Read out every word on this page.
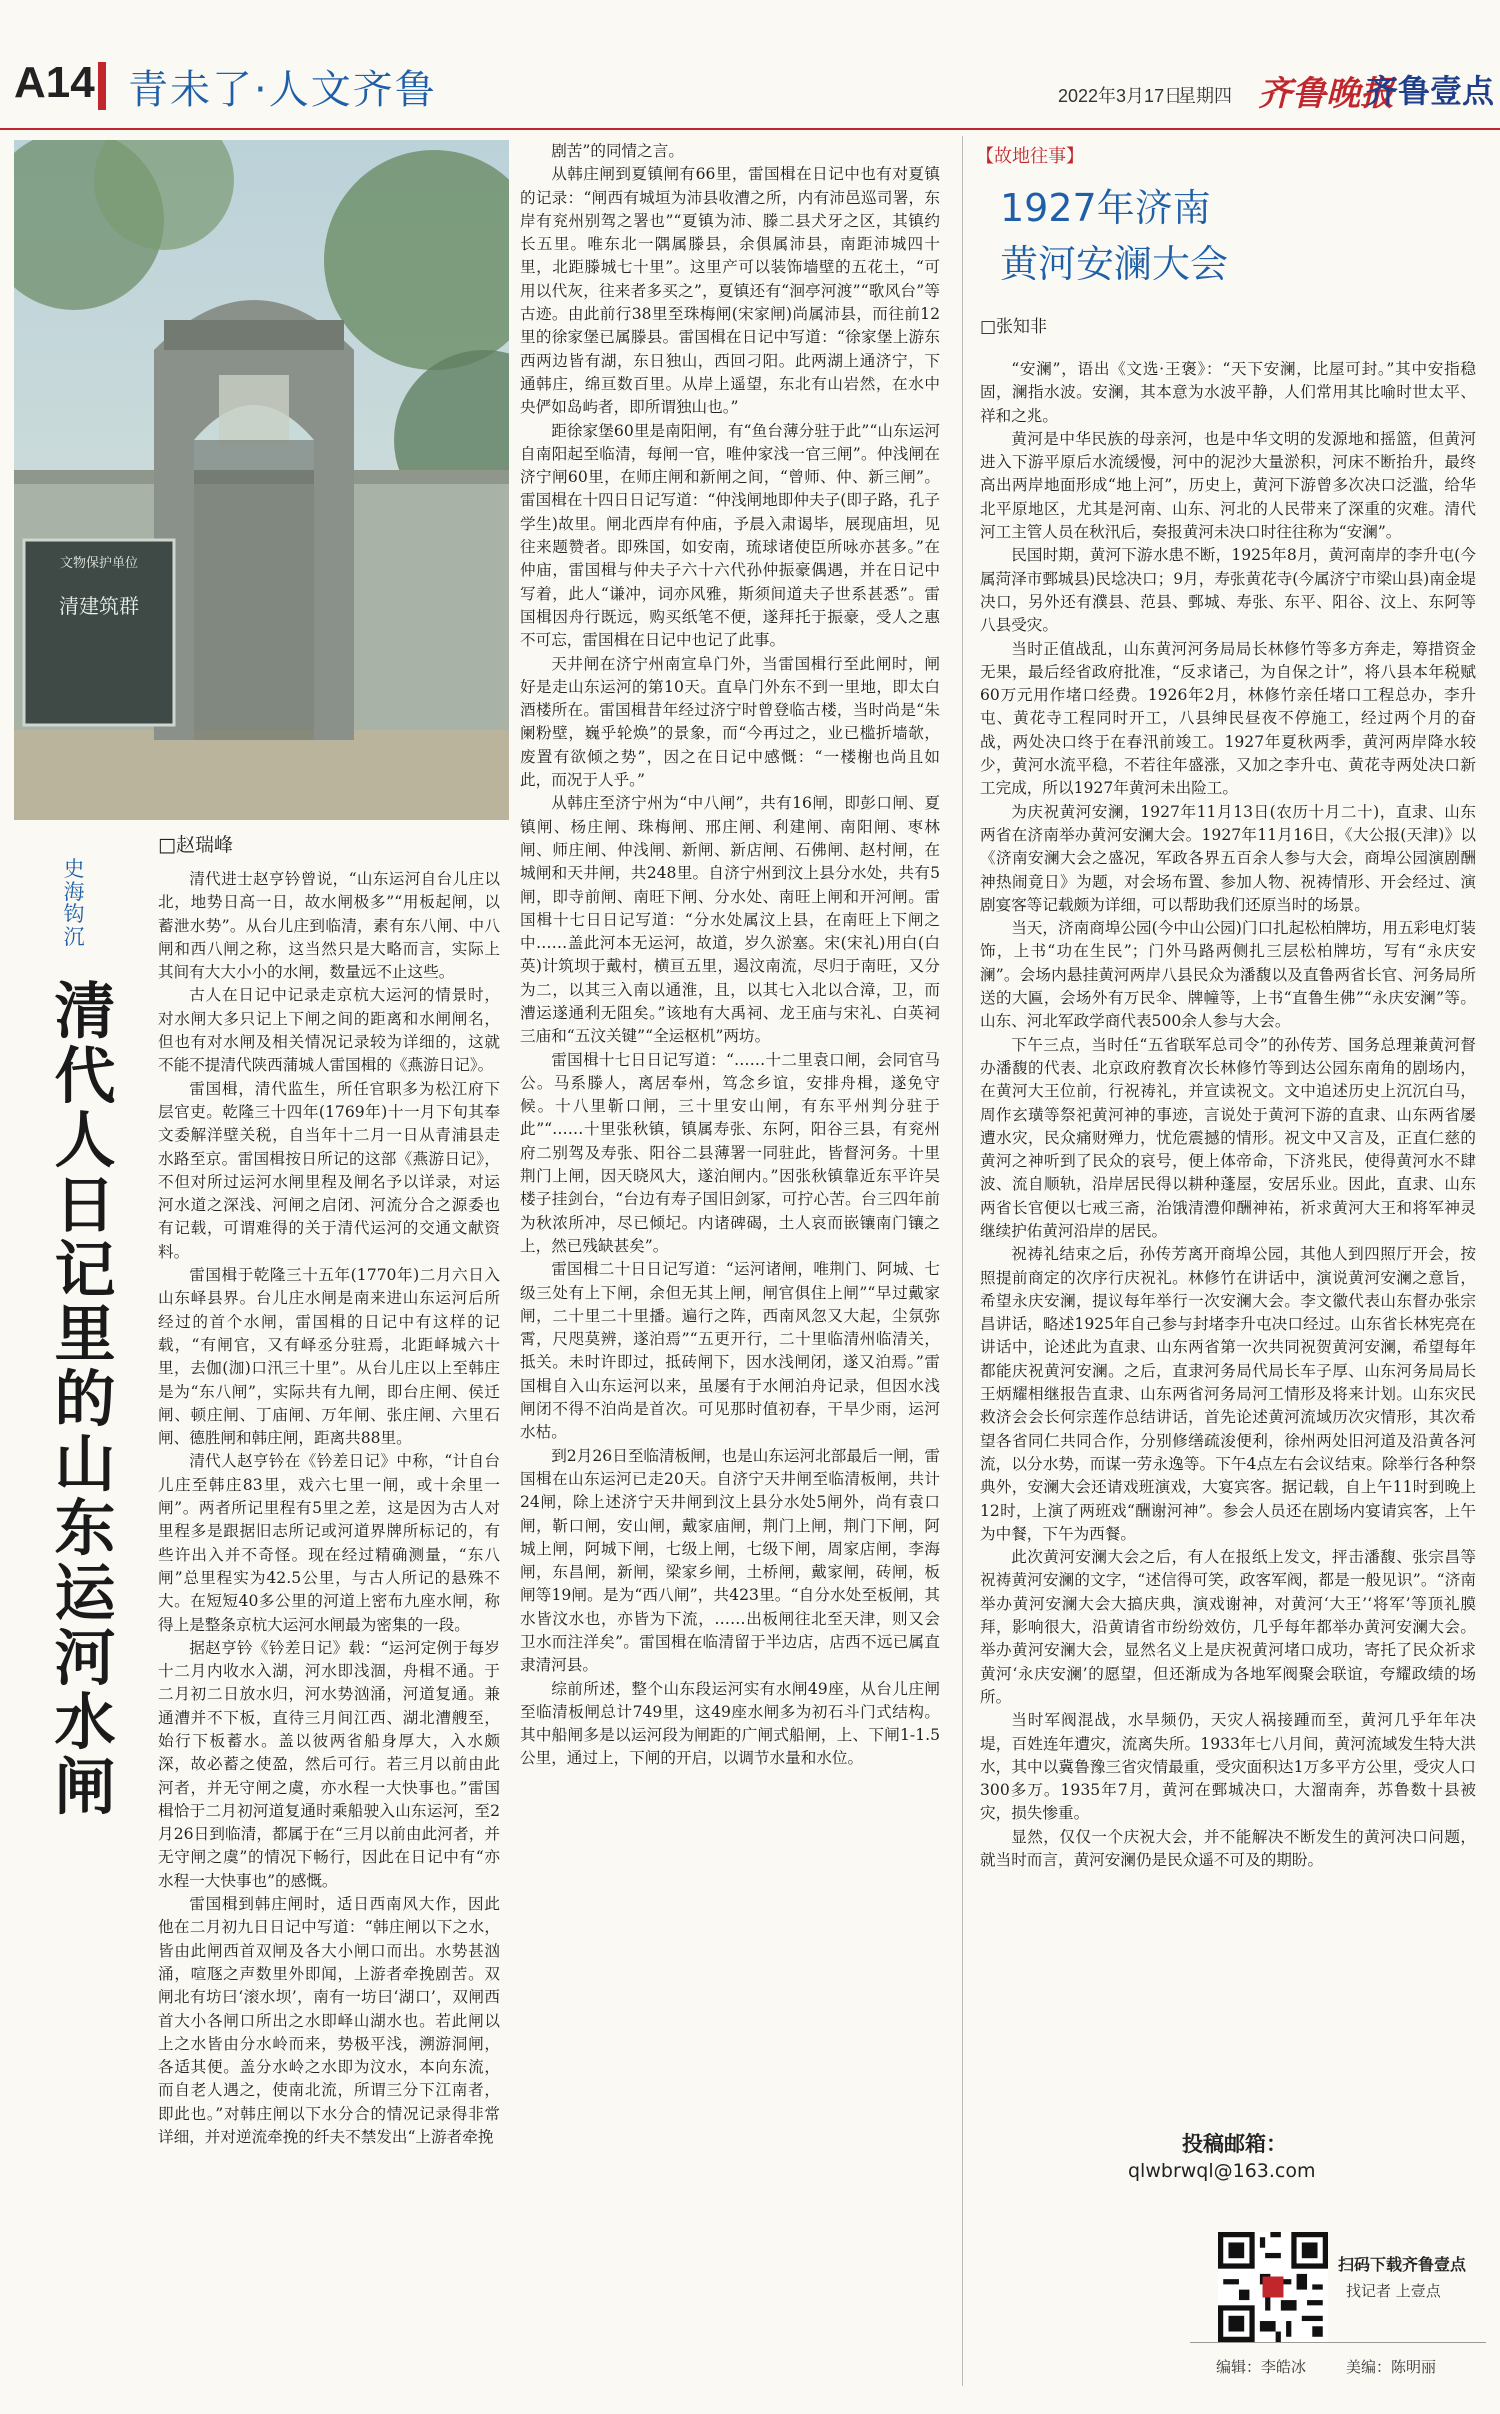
A14 青未了·人文齐鲁	2022年3月17日
星期四 齐鲁晚报
齐鲁壹点
文物保护单位
清建筑群
史海钩沉
清代人日记里的山东运河水闸
□赵瑞峰

清代进士赵亨钤曾说，“山东运河自台儿庄以北，地势日高一日，故水闸极多”“用板起闸，以蓄泄水势”。从台儿庄到临清，素有东八闸、中八闸和西八闸之称，这当然只是大略而言，实际上其间有大大小小的水闸，数量远不止这些。

古人在日记中记录走京杭大运河的情景时，对水闸大多只记上下闸之间的距离和水闸闸名，但也有对水闸及相关情况记录较为详细的，这就不能不提清代陕西蒲城人雷国楫的《燕游日记》。

雷国楫，清代监生，所任官职多为松江府下层官吏。乾隆三十四年(1769年)十一月下旬其奉文委解洋壁关税，自当年十二月一日从青浦县走水路至京。雷国楫按日所记的这部《燕游日记》，不但对所过运河水闸里程及闸名予以详录，对运河水道之深浅、河闸之启闭、河流分合之源委也有记载，可谓难得的关于清代运河的交通文献资料。

雷国楫于乾隆三十五年(1770年)二月六日入山东峄县界。台儿庄水闸是南来进山东运河后所经过的首个水闸，雷国楫的日记中有这样的记载，“有闸官，又有峄丞分驻焉，北距峄城六十里，去伽(泇)口汛三十里”。从台儿庄以上至韩庄是为“东八闸”，实际共有九闸，即台庄闸、侯迁闸、顿庄闸、丁庙闸、万年闸、张庄闸、六里石闸、德胜闸和韩庄闸，距离共88里。

清代人赵亨钤在《钤差日记》中称，“计自台儿庄至韩庄83里，戏六七里一闸，或十余里一闸”。两者所记里程有5里之差，这是因为古人对里程多是跟据旧志所记或河道界牌所标记的，有些许出入并不奇怪。现在经过精确测量，“东八闸”总里程实为42.5公里，与古人所记的悬殊不大。在短短40多公里的河道上密布九座水闸，称得上是整条京杭大运河水闸最为密集的一段。

据赵亨钤《钤差日记》载：“运河定例于每岁十二月内收水入湖，河水即浅涸，舟楫不通。于二月初二日放水归，河水势汹涌，河道复通。兼通漕并不下板，直待三月间江西、湖北漕艘至，始行下板蓄水。盖以彼两省船身厚大，入水颇深，故必蓄之使盈，然后可行。若三月以前由此河者，并无守闸之虞，亦水程一大快事也。”雷国楫恰于二月初河道复通时乘船驶入山东运河，至2月26日到临清，都属于在“三月以前由此河者，并无守闸之虞”的情况下畅行，因此在日记中有“亦水程一大快事也”的感慨。

雷国楫到韩庄闸时，适日西南风大作，因此他在二月初九日日记中写道：“韩庄闸以下之水，皆由此闸西首双闸及各大小闸口而出。水势甚汹涌，喧豗之声数里外即闻，上游者牵挽剧苦。双闸北有坊曰‘滚水坝’，南有一坊曰‘湖口’，双闸西首大小各闸口所出之水即峄山湖水也。若此闸以上之水皆由分水岭而来，势极平浅，溯游洞闸，各适其便。盖分水岭之水即为汶水，本向东流，而自老人遇之，使南北流，所谓三分下江南者，即此也。”对韩庄闸以下水分合的情况记录得非常详细，并对逆流牵挽的纤夫不禁发出“上游者牵挽

剧苦”的同情之言。

从韩庄闸到夏镇闸有66里，雷国楫在日记中也有对夏镇的记录：“闸西有城垣为沛县收漕之所，内有沛邑巡司署，东岸有兖州别驾之署也”“夏镇为沛、滕二县犬牙之区，其镇约长五里。唯东北一隅属滕县，余俱属沛县，南距沛城四十里，北距滕城七十里”。这里产可以装饰墙壁的五花土，“可用以代灰，往来者多买之”，夏镇还有“洄亭河渡”“歌风台”等古迹。由此前行38里至珠梅闸(宋家闸)尚属沛县，而往前12里的徐家堡已属滕县。雷国楫在日记中写道：“徐家堡上游东西两边皆有湖，东日独山，西回刁阳。此两湖上通济宁，下通韩庄，绵亘数百里。从岸上遥望，东北有山岩然，在水中央俨如岛屿者，即所谓独山也。”

距徐家堡60里是南阳闸，有“鱼台薄分驻于此”“山东运河自南阳起至临清，每闸一官，唯仲家浅一官三闸”。仲浅闸在济宁闸60里，在师庄闸和新闸之间，“曾师、仲、新三闸”。雷国楫在十四日日记写道：“仲浅闸地即仲夫子(即子路，孔子学生)故里。闸北西岸有仲庙，予晨入肃谒毕，展现庙坦，见往来题赞者。即殊国，如安南，琉球诸使臣所咏亦甚多。”在仲庙，雷国楫与仲夫子六十六代孙仲振豪偶遇，并在日记中写着，此人“谦冲，词亦风雅，斯须间道夫子世系甚悉”。雷国楫因舟行既远，购买纸笔不便，遂拜托于振豪，受人之惠不可忘，雷国楫在日记中也记了此事。

天井闸在济宁州南宣阜门外，当雷国楫行至此闸时，闸好是走山东运河的第10天。直阜门外东不到一里地，即太白酒楼所在。雷国楫昔年经过济宁时曾登临古楼，当时尚是“朱阑粉壁，巍乎轮焕”的景象，而“今再过之，业已槛折墙欹，废置有欲倾之势”，因之在日记中感慨：“一楼榭也尚且如此，而况于人乎。”

从韩庄至济宁州为“中八闸”，共有16闸，即彭口闸、夏镇闸、杨庄闸、珠梅闸、邢庄闸、利建闸、南阳闸、枣林闸、师庄闸、仲浅闸、新闸、新店闸、石佛闸、赵村闸，在城闸和天井闸，共248里。自济宁州到汶上县分水处，共有5闸，即寺前闸、南旺下闸、分水处、南旺上闸和开河闸。雷国楫十七日日记写道：“分水处属汶上县，在南旺上下闸之中……盖此河本无运河，故道，岁久淤塞。宋(宋礼)用白(白英)计筑坝于戴村，横亘五里，遏汶南流，尽归于南旺，又分为二，以其三入南以通淮，且，以其七入北以合漳，卫，而漕运遂通利无阻矣。”该地有大禹祠、龙王庙与宋礼、白英祠三庙和“五汶关键”“全运枢机”两坊。

雷国楫十七日日记写道：“……十二里袁口闸，会同官马公。马系滕人，离居奉州，笃念乡谊，安排舟楫，遂免守候。十八里靳口闸，三十里安山闸，有东平州判分驻于此”“……十里张秋镇，镇属寿张、东阿，阳谷三县，有兖州府二别驾及寿张、阳谷二县薄署一同驻此，皆督河务。十里荆门上闸，因天晓风大，遂泊闸内。”因张秋镇靠近东平许吴楼子挂剑台，“台边有寿子国旧剑冢，可拧心苦。台三四年前为秋浓所冲，尽已倾圮。内诸碑碣，土人哀而嵌镶南门镶之上，然已残缺甚矣”。

雷国楫二十日日记写道：“运河诸闸，唯荆门、阿城、七级三处有上下闸，余但无其上闸，闸官俱住上闸”“早过戴家闸，二十里二十里播。遍行之阵，西南风忽又大起，尘氛弥霄，尺咫莫辨，遂泊焉”“五更开行，二十里临清州临清关，抵关。未时许即过，抵砖闸下，因水浅闸闭，遂又泊焉。”雷国楫自入山东运河以来，虽屡有于水闸泊舟记录，但因水浅闸闭不得不泊尚是首次。可见那时值初春，干旱少雨，运河水枯。

到2月26日至临清板闸，也是山东运河北部最后一闸，雷国楫在山东运河已走20天。自济宁天井闸至临清板闸，共计24闸，除上述济宁天井闸到汶上县分水处5闸外，尚有袁口闸，靳口闸，安山闸，戴家庙闸，荆门上闸，荆门下闸，阿城上闸，阿城下闸，七级上闸，七级下闸，周家店闸，李海闸，东昌闸，新闸，梁家乡闸，土桥闸，戴家闸，砖闸，板闸等19闸。是为“西八闸”，共423里。“自分水处至板闸，其水皆汶水也，亦皆为下流，……出板闸往北至天津，则又会卫水而注洋矣”。雷国楫在临清留于半边店，店西不远已属直隶清河县。

综前所述，整个山东段运河实有水闸49座，从台儿庄闸至临清板闸总计749里，这49座水闸多为初石斗门式结构。其中船闸多是以运河段为闸距的广闸式船闸，上、下闸1-1.5公里，通过上，下闸的开启，以调节水量和水位。

【故地往事】
1927年济南
黄河安澜大会
□张知非

“安澜”，语出《文选·王褒》：“天下安澜，比屋可封。”其中安指稳固，澜指水波。安澜，其本意为水波平静，人们常用其比喻时世太平、祥和之兆。

黄河是中华民族的母亲河，也是中华文明的发源地和摇篮，但黄河进入下游平原后水流缓慢，河中的泥沙大量淤积，河床不断抬升，最终高出两岸地面形成“地上河”，历史上，黄河下游曾多次决口泛滥，给华北平原地区，尤其是河南、山东、河北的人民带来了深重的灾难。清代河工主管人员在秋汛后，奏报黄河未决口时往往称为“安澜”。

民国时期，黄河下游水患不断，1925年8月，黄河南岸的李升屯(今属菏泽市鄄城县)民埝决口；9月，寿张黄花寺(今属济宁市梁山县)南金堤决口，另外还有濮县、范县、鄄城、寿张、东平、阳谷、汶上、东阿等八县受灾。

当时正值战乱，山东黄河河务局局长林修竹等多方奔走，筹措资金无果，最后经省政府批准，“反求诸己，为自保之计”，将八县本年税赋60万元用作堵口经费。1926年2月，林修竹亲任堵口工程总办，李升屯、黄花寺工程同时开工，八县绅民昼夜不停施工，经过两个月的奋战，两处决口终于在春汛前竣工。1927年夏秋两季，黄河两岸降水较少，黄河水流平稳，不若往年盛涨，又加之李升屯、黄花寺两处决口新工完成，所以1927年黄河未出险工。

为庆祝黄河安澜，1927年11月13日(农历十月二十)，直隶、山东两省在济南举办黄河安澜大会。1927年11月16日，《大公报(天津)》以《济南安澜大会之盛况，军政各界五百余人参与大会，商埠公园演剧酬神热闹竟日》为题，对会场布置、参加人物、祝祷情形、开会经过、演剧宴客等记载颇为详细，可以帮助我们还原当时的场景。

当天，济南商埠公园(今中山公园)门口扎起松柏牌坊，用五彩电灯装饰，上书“功在生民”；门外马路两侧扎三层松柏牌坊，写有“永庆安澜”。会场内悬挂黄河两岸八县民众为潘馥以及直鲁两省长官、河务局所送的大匾，会场外有万民伞、牌幢等，上书“直鲁生佛”“永庆安澜”等。山东、河北军政学商代表500余人参与大会。

下午三点，当时任“五省联军总司令”的孙传芳、国务总理兼黄河督办潘馥的代表、北京政府教育次长林修竹等到达公园东南角的剧场内，在黄河大王位前，行祝祷礼，并宣读祝文。文中追述历史上沉沉白马，周作玄璜等祭祀黄河神的事迹，言说处于黄河下游的直隶、山东两省屡遭水灾，民众痛财殚力，忧危震撼的情形。祝文中又言及，正直仁慈的黄河之神听到了民众的哀号，便上体帝命，下济兆民，使得黄河水不肆波、流自顺轨，沿岸居民得以耕种蓬屋，安居乐业。因此，直隶、山东两省长官便以七戒三斋，治饿清澧仰酬神祐，祈求黄河大王和将军神灵继续护佑黄河沿岸的居民。

祝祷礼结束之后，孙传芳离开商埠公园，其他人到四照厅开会，按照提前商定的次序行庆祝礼。林修竹在讲话中，演说黄河安澜之意旨，希望永庆安澜，提议每年举行一次安澜大会。李文徽代表山东督办张宗昌讲话，略述1925年自己参与封堵李升屯决口经过。山东省长林宪亮在讲话中，论述此为直隶、山东两省第一次共同祝贺黄河安澜，希望每年都能庆祝黄河安澜。之后，直隶河务局代局长车子厚、山东河务局局长王炳耀相继报告直隶、山东两省河务局河工情形及将来计划。山东灾民救济会会长何宗莲作总结讲话，首先论述黄河流域历次灾情形，其次希望各省同仁共同合作，分别修缮疏浚便利，徐州两处旧河道及沿黄各河流，以分水势，而谋一劳永逸等。下午4点左右会议结束。除举行各种祭典外，安澜大会还请戏班演戏，大宴宾客。据记载，自上午11时到晚上12时，上演了两班戏“酬谢河神”。参会人员还在剧场内宴请宾客，上午为中餐，下午为西餐。

此次黄河安澜大会之后，有人在报纸上发文，抨击潘馥、张宗昌等祝祷黄河安澜的文字，“述信得可笑，政客军阀，都是一般见识”。“济南举办黄河安澜大会大搞庆典，演戏谢神，对黄河‘大王’‘将军’等顶礼膜拜，影响很大，沿黄请省市纷纷效仿，几乎每年都举办黄河安澜大会。举办黄河安澜大会，显然名义上是庆祝黄河堵口成功，寄托了民众祈求黄河‘永庆安澜’的愿望，但还渐成为各地军阀聚会联谊，夸耀政绩的场所。

当时军阀混战，水旱频仍，天灾人祸接踵而至，黄河几乎年年决堤，百姓连年遭灾，流离失所。1933年七八月间，黄河流域发生特大洪水，其中以冀鲁豫三省灾情最重，受灾面积达1万多平方公里，受灾人口300多万。1935年7月，黄河在鄄城决口，大溜南奔，苏鲁数十县被灾，损失惨重。

显然，仅仅一个庆祝大会，并不能解决不断发生的黄河决口问题，就当时而言，黄河安澜仍是民众遥不可及的期盼。

投稿邮箱：
qlwbrwql@163.com
扫码下载齐鲁壹点
找记者 上壹点
编辑：李皓冰	美编：陈明丽
